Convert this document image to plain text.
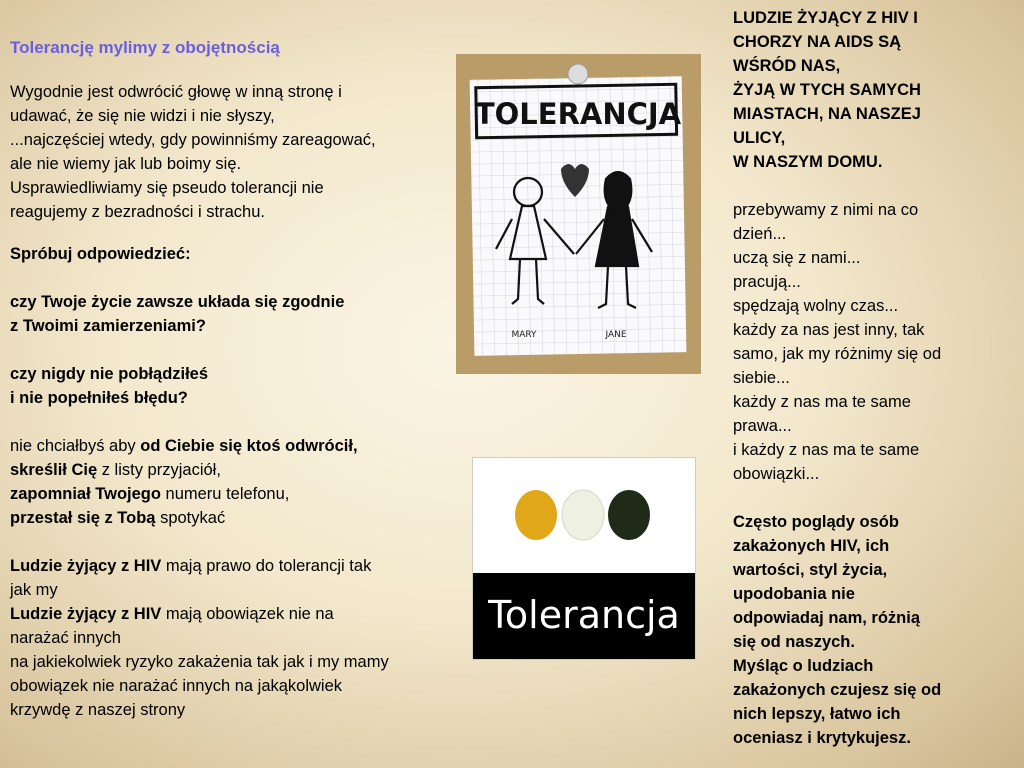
Tolerancję mylimy z obojętnością
Wygodnie jest odwrócić głowę w inną stronę i
udawać, że się nie widzi i nie słyszy,
...najczęściej wtedy, gdy powinniśmy zareagować,
ale nie wiemy jak lub boimy się.
Usprawiedliwiamy się pseudo tolerancji nie
reagujemy z bezradności i strachu.
Spróbuj odpowiedzieć:
czy Twoje życie zawsze układa się zgodnie
z Twoimi zamierzeniami?
czy nigdy nie pobłądziłeś
i nie popełniłeś błędu?
nie chciałbyś aby od Ciebie się ktoś odwrócił,
skreślił Cię z listy przyjaciół,
zapomniał Twojego numeru telefonu,
przestał się z Tobą spotykać
Ludzie żyjący z HIV mają prawo do tolerancji tak
jak my
Ludzie żyjący z HIV mają obowiązek nie na
narażać innych
na jakiekolwiek ryzyko zakażenia tak jak i my mamy
obowiązek nie narażać innych na jakąkolwiek
krzywdę z naszej strony
TOLERANCJA
MARY	JANE
Tolerancja
LUDZIE ŻYJĄCY Z HIV I
CHORZY NA AIDS SĄ
WŚRÓD NAS,
ŻYJĄ W TYCH SAMYCH
MIASTACH, NA NASZEJ
ULICY,
W NASZYM DOMU.
przebywamy z nimi na co
dzień...
uczą się z nami...
pracują...
spędzają wolny czas...
każdy za nas jest inny, tak
samo, jak my różnimy się od
siebie...
każdy z nas ma te same
prawa...
i każdy z nas ma te same
obowiązki...
Często poglądy osób
zakażonych HIV, ich
wartości, styl życia,
upodobania nie
odpowiadaj nam, różnią
się od naszych.
Myśląc o ludziach
zakażonych czujesz się od
nich lepszy, łatwo ich
oceniasz i krytykujesz.
